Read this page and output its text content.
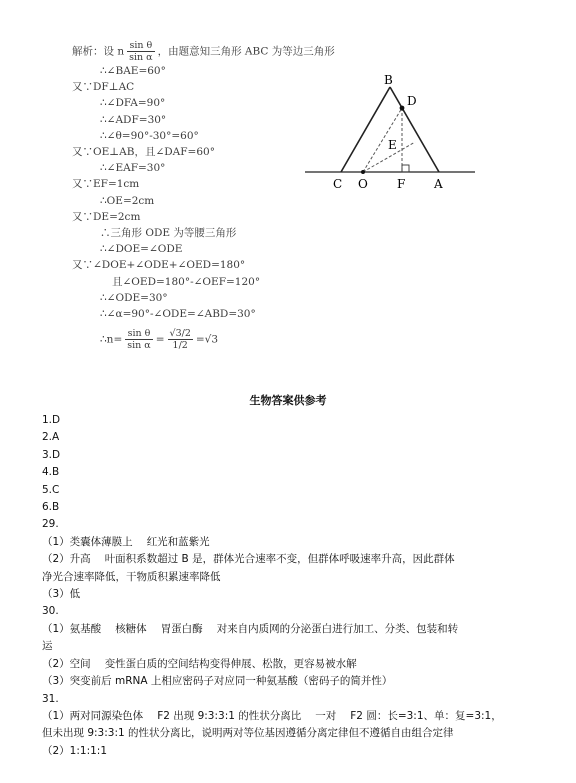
解析：设 n $\frac{\text{sin θ}}{\text{sin α}}$ ，由题意知三角形 ABC 为等边三角形
∴∠BAE=60°
又∵DF⊥AC
∴∠DFA=90°
∴∠ADF=30°
∴∠θ=90°-30°=60°
又∵OE⊥AB，且∠DAF=60°
∴∠EAF=30°
又∵EF=1cm
∴OE=2cm
又∵DE=2cm
∴三角形 ODE 为等腰三角形
∴∠DOE=∠ODE
又∵∠DOE+∠ODE+∠OED=180°
且∠OED=180°-∠OEF=120°
∴∠ODE=30°
∴∠α=90°-∠ODE=∠ABD=30°
∴n= $\frac{\text{sin θ}}{\text{sin α}} = \frac{√3/2}{1/2} =√3$
B
D
E
C O F A
生物答案供参考
1.D
2.A
3.D
4.B
5.C
6.B
29.
（1）类囊体薄膜上 红光和蓝紫光
（2）升高 叶面积系数超过 B 是，群体光合速率不变，但群体呼吸速率升高，因此群体
净光合速率降低，干物质积累速率降低
（3）低
30.
（1）氨基酸 核糖体 胃蛋白酶 对来自内质网的分泌蛋白进行加工、分类、包装和转
运
（2）空间 变性蛋白质的空间结构变得伸展、松散，更容易被水解
（3）突变前后 mRNA 上相应密码子对应同一种氨基酸（密码子的简并性）
31.
（1）两对同源染色体 F2 出现 9:3:3:1 的性状分离比 一对 F2 圆：长=3:1、单：复=3:1，
但未出现 9:3:3:1 的性状分离比，说明两对等位基因遵循分离定律但不遵循自由组合定律
（2）1:1:1:1
